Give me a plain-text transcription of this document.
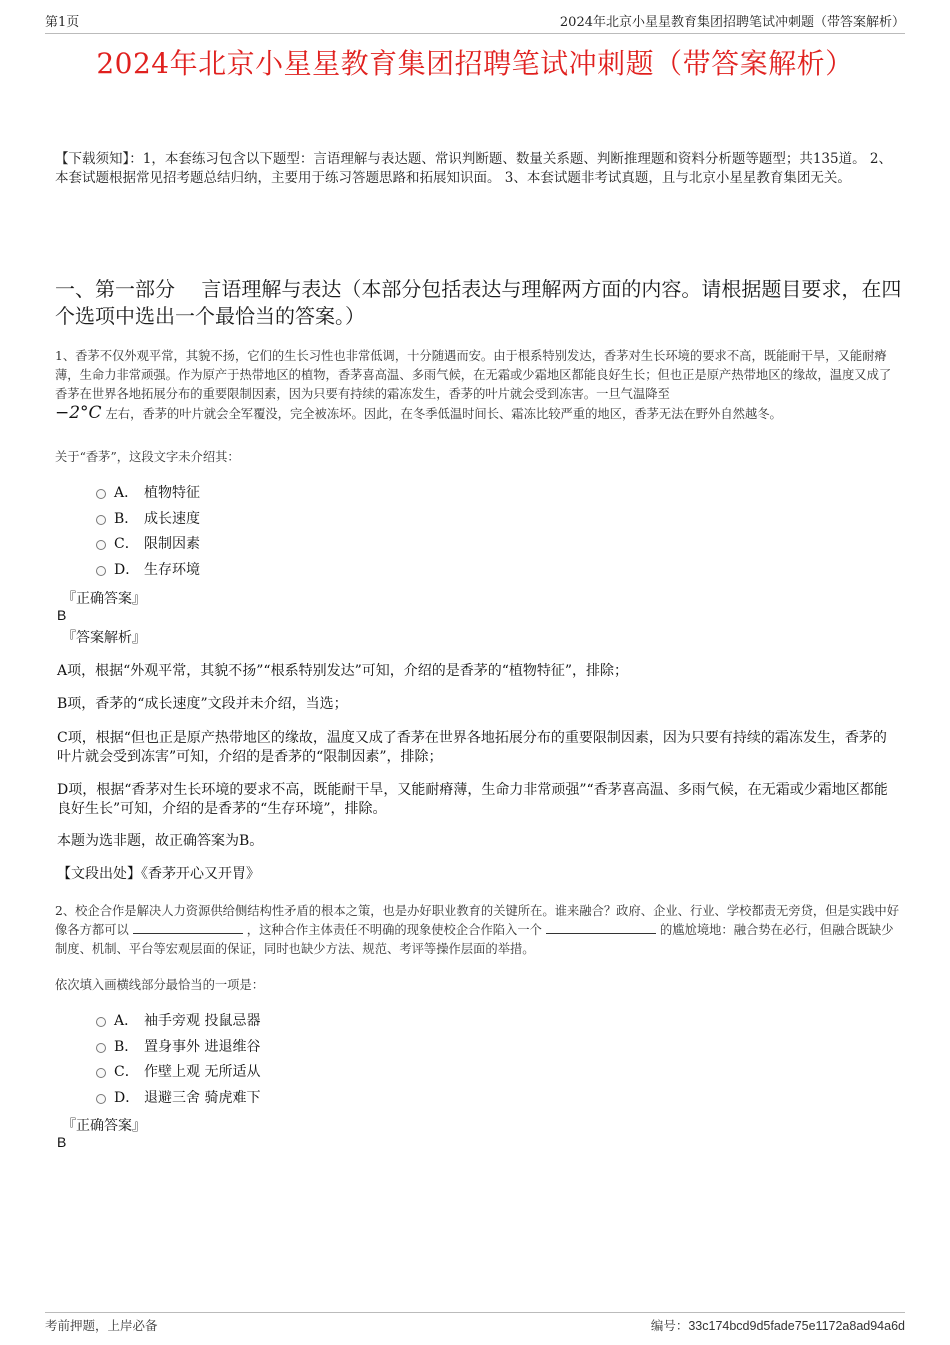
第1页	2024年北京小星星教育集团招聘笔试冲刺题（带答案解析）
2024年北京小星星教育集团招聘笔试冲刺题（带答案解析）
【下载须知】：1，本套练习包含以下题型：言语理解与表达题、常识判断题、数量关系题、判断推理题和资料分析题等题型；共135道。 2、本套试题根据常见招考题总结归纳，主要用于练习答题思路和拓展知识面。 3、本套试题非考试真题，且与北京小星星教育集团无关。
一、第一部分　 言语理解与表达（本部分包括表达与理解两方面的内容。请根据题目要求，在四个选项中选出一个最恰当的答案。）
1、香茅不仅外观平常，其貌不扬，它们的生长习性也非常低调，十分随遇而安。由于根系特别发达，香茅对生长环境的要求不高，既能耐干旱，又能耐瘠薄，生命力非常顽强。作为原产于热带地区的植物，香茅喜高温、多雨气候，在无霜或少霜地区都能良好生长；但也正是原产热带地区的缘故，温度又成了香茅在世界各地拓展分布的重要限制因素，因为只要有持续的霜冻发生，香茅的叶片就会受到冻害。一旦气温降至
−2°C 左右，香茅的叶片就会全军覆没，完全被冻坏。因此，在冬季低温时间长、霜冻比较严重的地区，香茅无法在野外自然越冬。
关于“香茅”，这段文字未介绍其：
A． 植物特征
B． 成长速度
C． 限制因素
D． 生存环境
『正确答案』
B
『答案解析』
A项，根据“外观平常，其貌不扬”“根系特别发达”可知，介绍的是香茅的“植物特征”，排除；
B项，香茅的“成长速度”文段并未介绍，当选；
C项，根据“但也正是原产热带地区的缘故，温度又成了香茅在世界各地拓展分布的重要限制因素，因为只要有持续的霜冻发生，香茅的叶片就会受到冻害”可知，介绍的是香茅的“限制因素”，排除；
D项，根据“香茅对生长环境的要求不高，既能耐干旱，又能耐瘠薄，生命力非常顽强”“香茅喜高温、多雨气候，在无霜或少霜地区都能良好生长”可知，介绍的是香茅的“生存环境”，排除。
本题为选非题，故正确答案为B。
【文段出处】《香茅开心又开胃》
2、校企合作是解决人力资源供给侧结构性矛盾的根本之策，也是办好职业教育的关键所在。谁来融合？政府、企业、行业、学校都责无旁贷，但是实践中好像各方都可以	，这种合作主体责任不明确的现象使校企合作陷入一个	的尴尬境地：融合势在必行，但融合既缺少制度、机制、平台等宏观层面的保证，同时也缺少方法、规范、考评等操作层面的举措。
依次填入画横线部分最恰当的一项是：
A． 袖手旁观 投鼠忌器
B． 置身事外 进退维谷
C． 作壁上观 无所适从
D． 退避三舍 骑虎难下
『正确答案』
B
考前押题，上岸必备	编号：33c174bcd9d5fade75e1172a8ad94a6d
